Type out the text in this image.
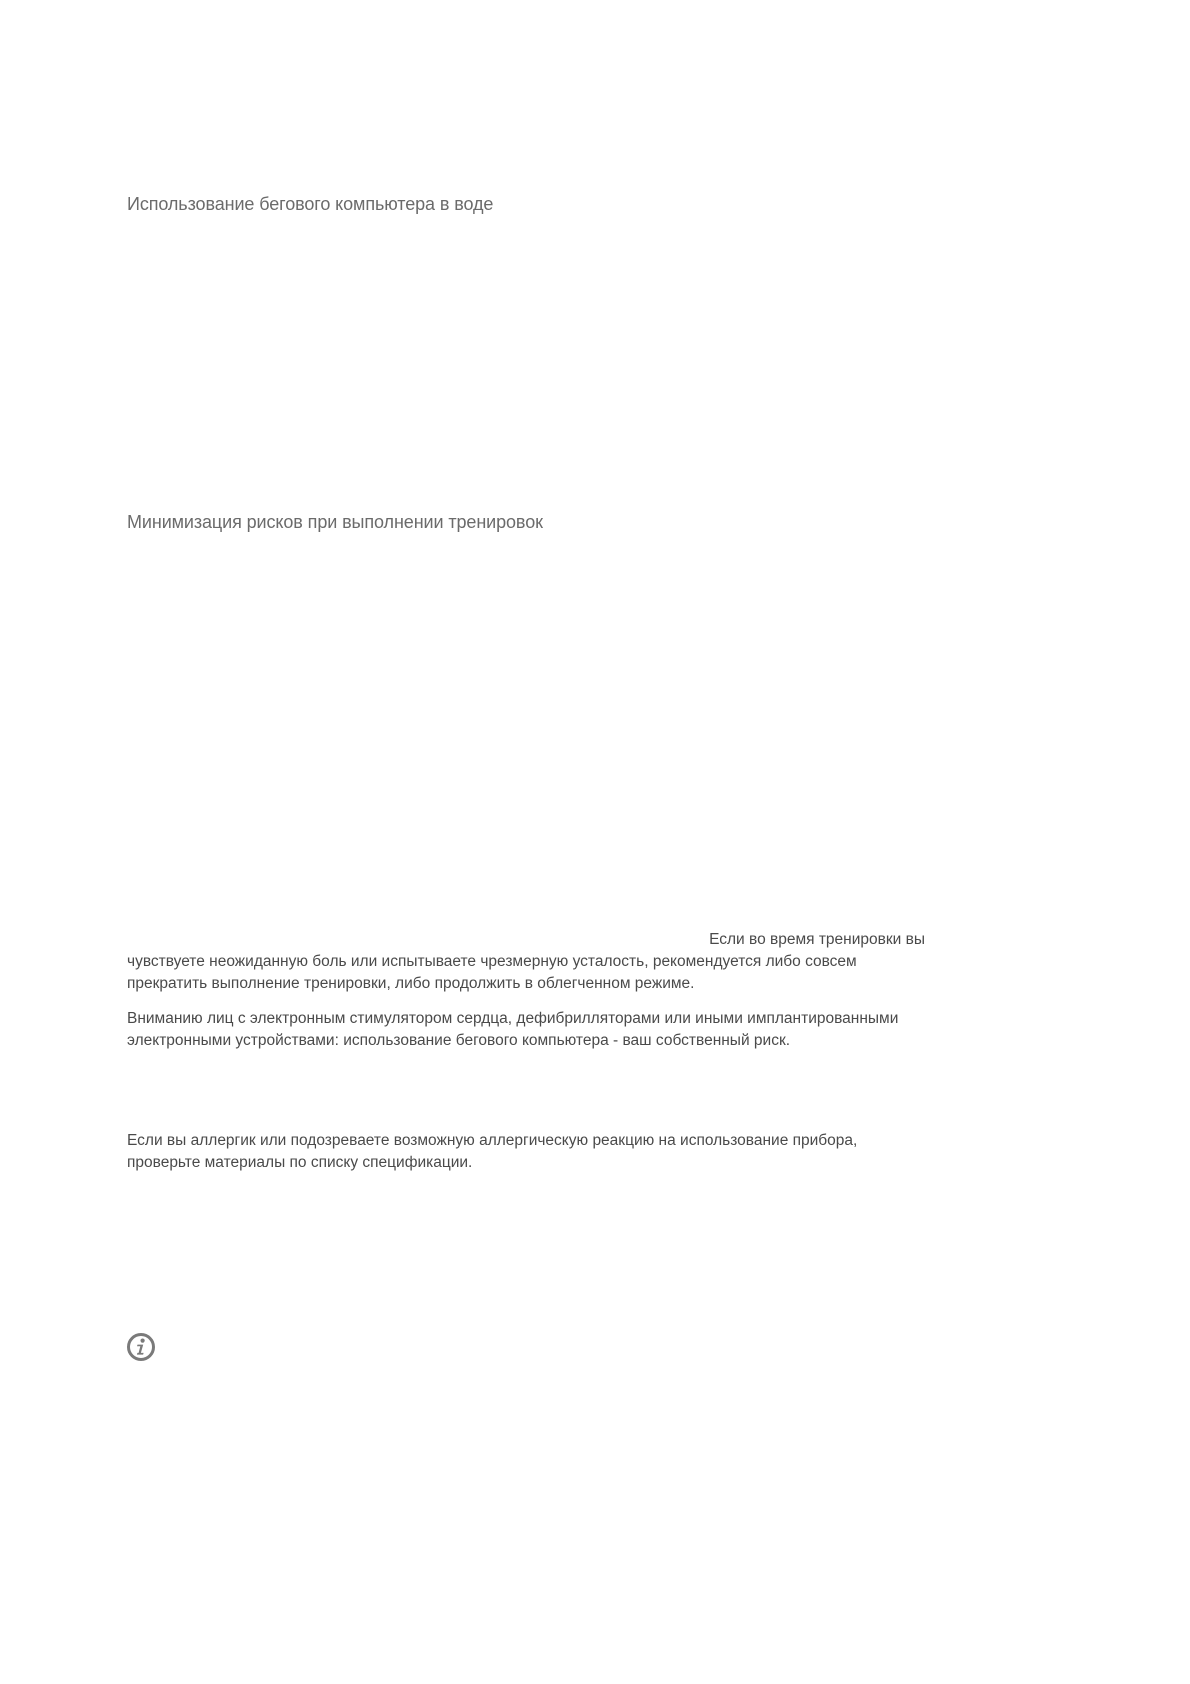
Использование бегового компьютера в воде
Минимизация рисков при выполнении тренировок
Если во время тренировки вы
чувствуете неожиданную боль или испытываете чрезмерную усталость, рекомендуется либо совсем
прекратить выполнение тренировки, либо продолжить в облегченном режиме.
Вниманию лиц с электронным стимулятором сердца, дефибрилляторами или иными имплантированными
электронными устройствами: использование бегового компьютера - ваш собственный риск.
Если вы аллергик или подозреваете возможную аллергическую реакцию на использование прибора,
проверьте материалы по списку спецификации.
